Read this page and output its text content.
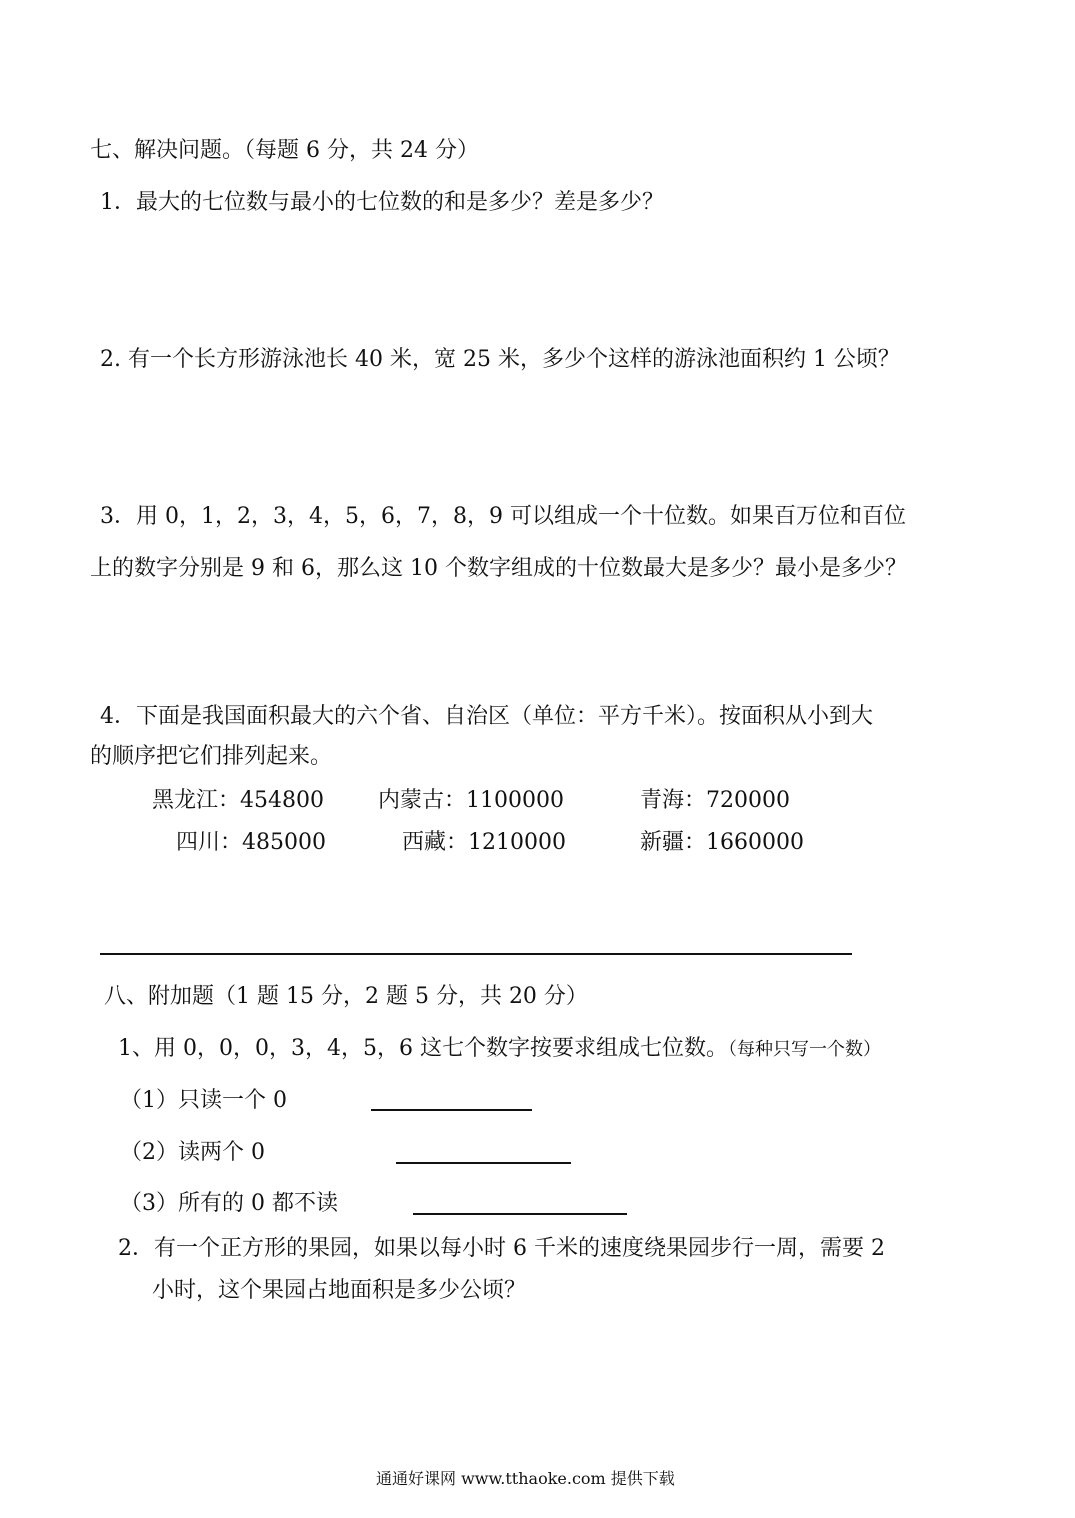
七、解决问题。（每题 6 分，共 24 分）
1．最大的七位数与最小的七位数的和是多少？差是多少？
2. 有一个长方形游泳池长 40 米，宽 25 米，多少个这样的游泳池面积约 1 公顷？
3．用 0，1，2，3，4，5，6，7，8，9 可以组成一个十位数。如果百万位和百位
上的数字分别是 9 和 6，那么这 10 个数字组成的十位数最大是多少？最小是多少？
4．下面是我国面积最大的六个省、自治区（单位：平方千米）。按面积从小到大
的顺序把它们排列起来。
黑龙江：454800 内蒙古：1100000	青海：720000
四川：485000	西藏：1210000	新疆：1660000
八、附加题（1 题 15 分，2 题 5 分，共 20 分）
1、用 0，0，0，3，4，5，6 这七个数字按要求组成七位数。（每种只写一个数）
（1）只读一个 0
（2）读两个 0
（3）所有的 0 都不读
2．有一个正方形的果园，如果以每小时 6 千米的速度绕果园步行一周，需要 2
小时，这个果园占地面积是多少公顷？
通通好课网 www.tthaoke.com 提供下载
